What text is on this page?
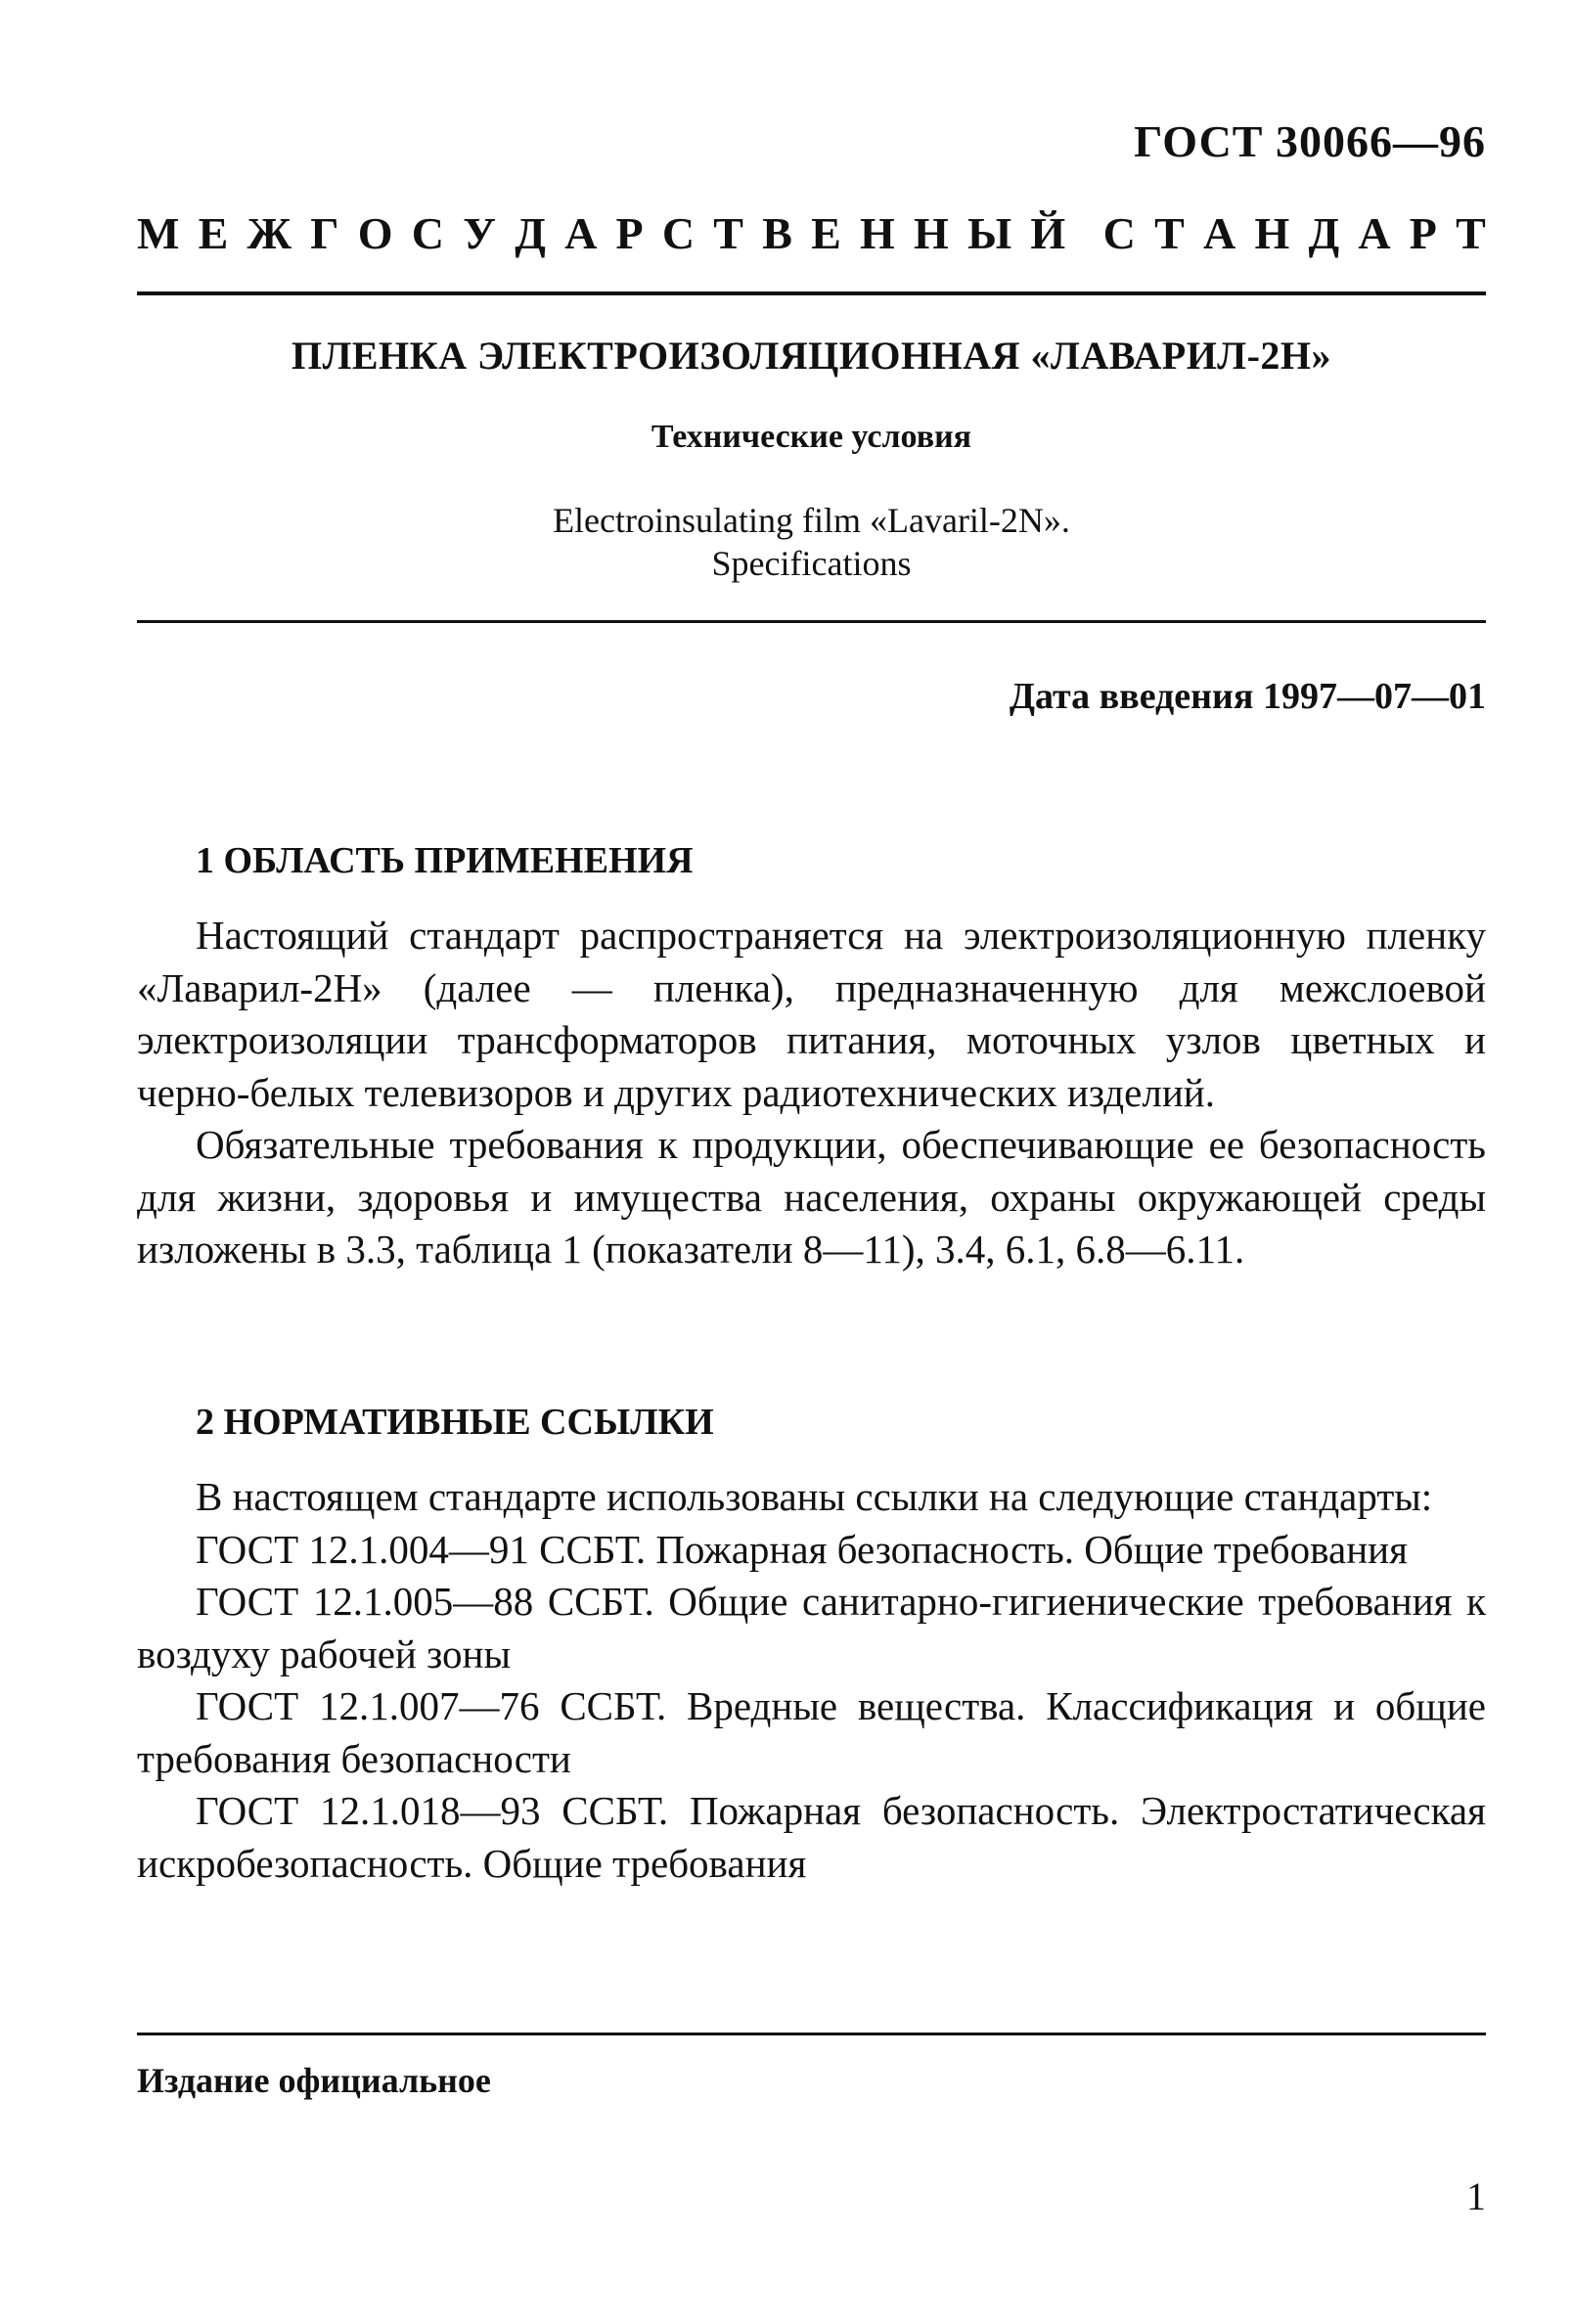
ГОСТ 30066—96
М Е Ж Г О С У Д А Р С Т В Е Н Н Ы Й С Т А Н Д А Р Т
ПЛЕНКА ЭЛЕКТРОИЗОЛЯЦИОННАЯ «ЛАВАРИЛ-2Н»
Технические условия
Electroinsulating film «Lavaril-2N».
Specifications
Дата введения 1997—07—01
1 ОБЛАСТЬ ПРИМЕНЕНИЯ

Настоящий стандарт распространяется на электроизоляционную пленку «Лаварил-2Н» (далее — пленка), предназначенную для межслоевой электроизоляции трансформаторов питания, моточных узлов цветных и черно-белых телевизоров и других радиотехнических изделий.

Обязательные требования к продукции, обеспечивающие ее безопасность для жизни, здоровья и имущества населения, охраны окружающей среды изложены в 3.3, таблица 1 (показатели 8—11), 3.4, 6.1, 6.8—6.11.

2 НОРМАТИВНЫЕ ССЫЛКИ

В настоящем стандарте использованы ссылки на следующие стандарты:

ГОСТ 12.1.004—91 ССБТ. Пожарная безопасность. Общие требования

ГОСТ 12.1.005—88 ССБТ. Общие санитарно-гигиенические требования к воздуху рабочей зоны

ГОСТ 12.1.007—76 ССБТ. Вредные вещества. Классификация и общие требования безопасности

ГОСТ 12.1.018—93 ССБТ. Пожарная безопасность. Электростатическая искробезопасность. Общие требования

Издание официальное
1
